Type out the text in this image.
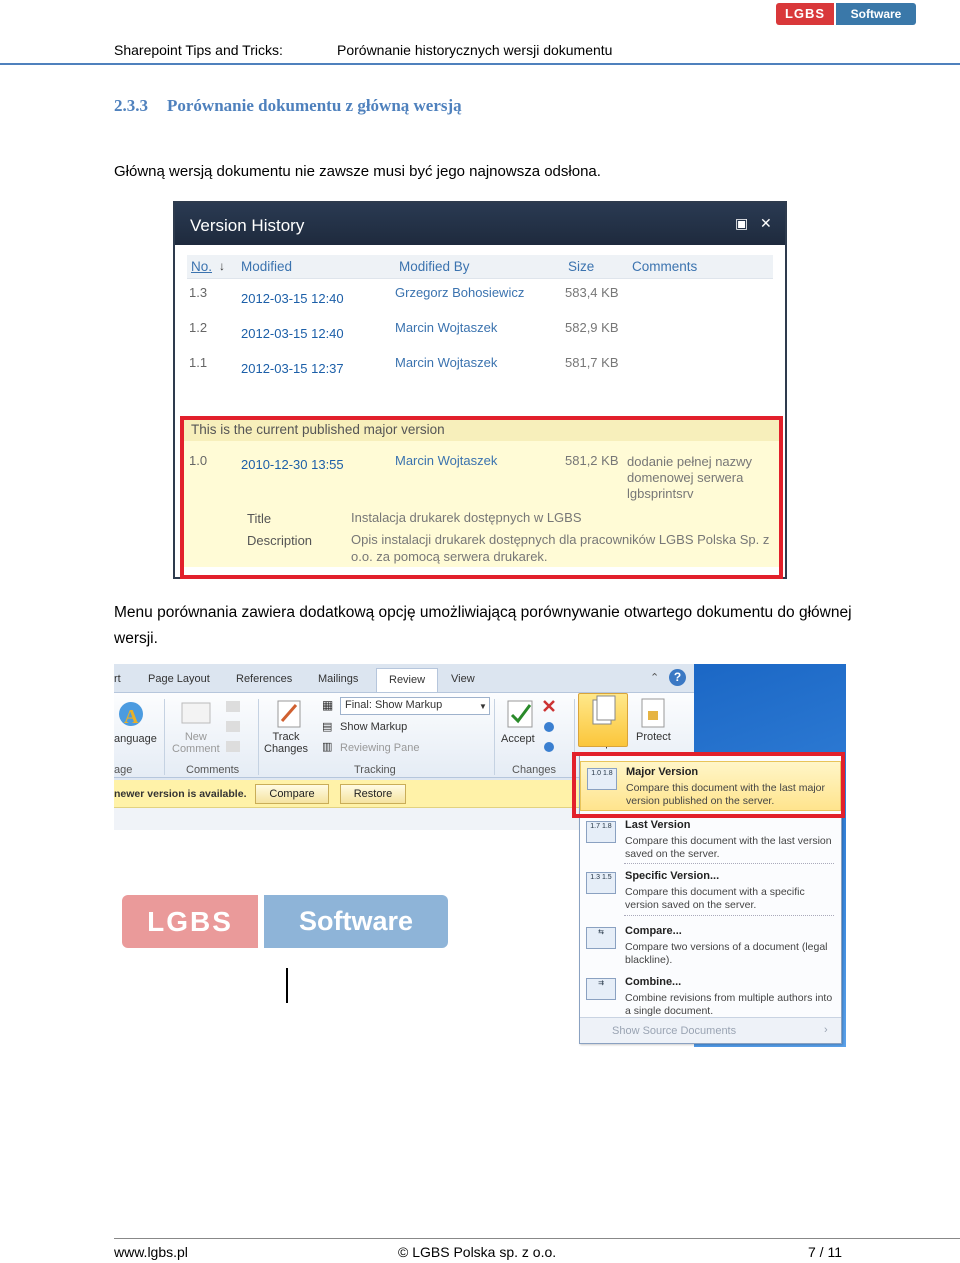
LGBS	Software
Sharepoint Tips and Tricks:	Porównanie historycznych wersji dokumentu
2.3.3 Porównanie dokumentu z główną wersją
Główną wersją dokumentu nie zawsze musi być jego najnowsza odsłona.
Version History	▣ ✕
No. ↓ Modified	Modified By	Size	Comments
1.3	2012-03-15 12:40	Grzegorz Bohosiewicz	583,4 KB
1.2	2012-03-15 12:40	Marcin Wojtaszek	582,9 KB
1.1	2012-03-15 12:37	Marcin Wojtaszek	581,7 KB
This is the current published major version
1.0	2010-12-30 13:55	Marcin Wojtaszek	581,2 KB dodanie pełnej nazwy domenowej serwera lgbsprintsrv
Title	Instalacja drukarek dostępnych w LGBS
Description	Opis instalacji drukarek dostępnych dla pracowników LGBS Polska Sp. z o.o. za pomocą serwera drukarek.
Menu porównania zawiera dodatkową opcję umożliwiającą porównywanie otwartego dokumentu do głównej wersji.
rt Page Layout References Mailings	Review	View	⌃	?
A
anguage
age
New
Comment
Comments
Track
Changes
▦	Final: Show Markup	▼
▤ Show Markup
▥ Reviewing Pane
Tracking
Accept
Changes
Protect
newer version is available.	Compare	Restore
1.0 1.8	Major Version
Compare this document with the last major version published on the server.
1.7 1.8	Last Version
Compare this document with the last version saved on the server.
1.3 1.5	Specific Version...
Compare this document with a specific version saved on the server.
⇆	Compare...
Compare two versions of a document (legal blackline).
⇉	Combine...
Combine revisions from multiple authors into a single document.
Show Source Documents	›
LGBS	Software
www.lgbs.pl	© LGBS Polska sp. z o.o.	7 / 11
